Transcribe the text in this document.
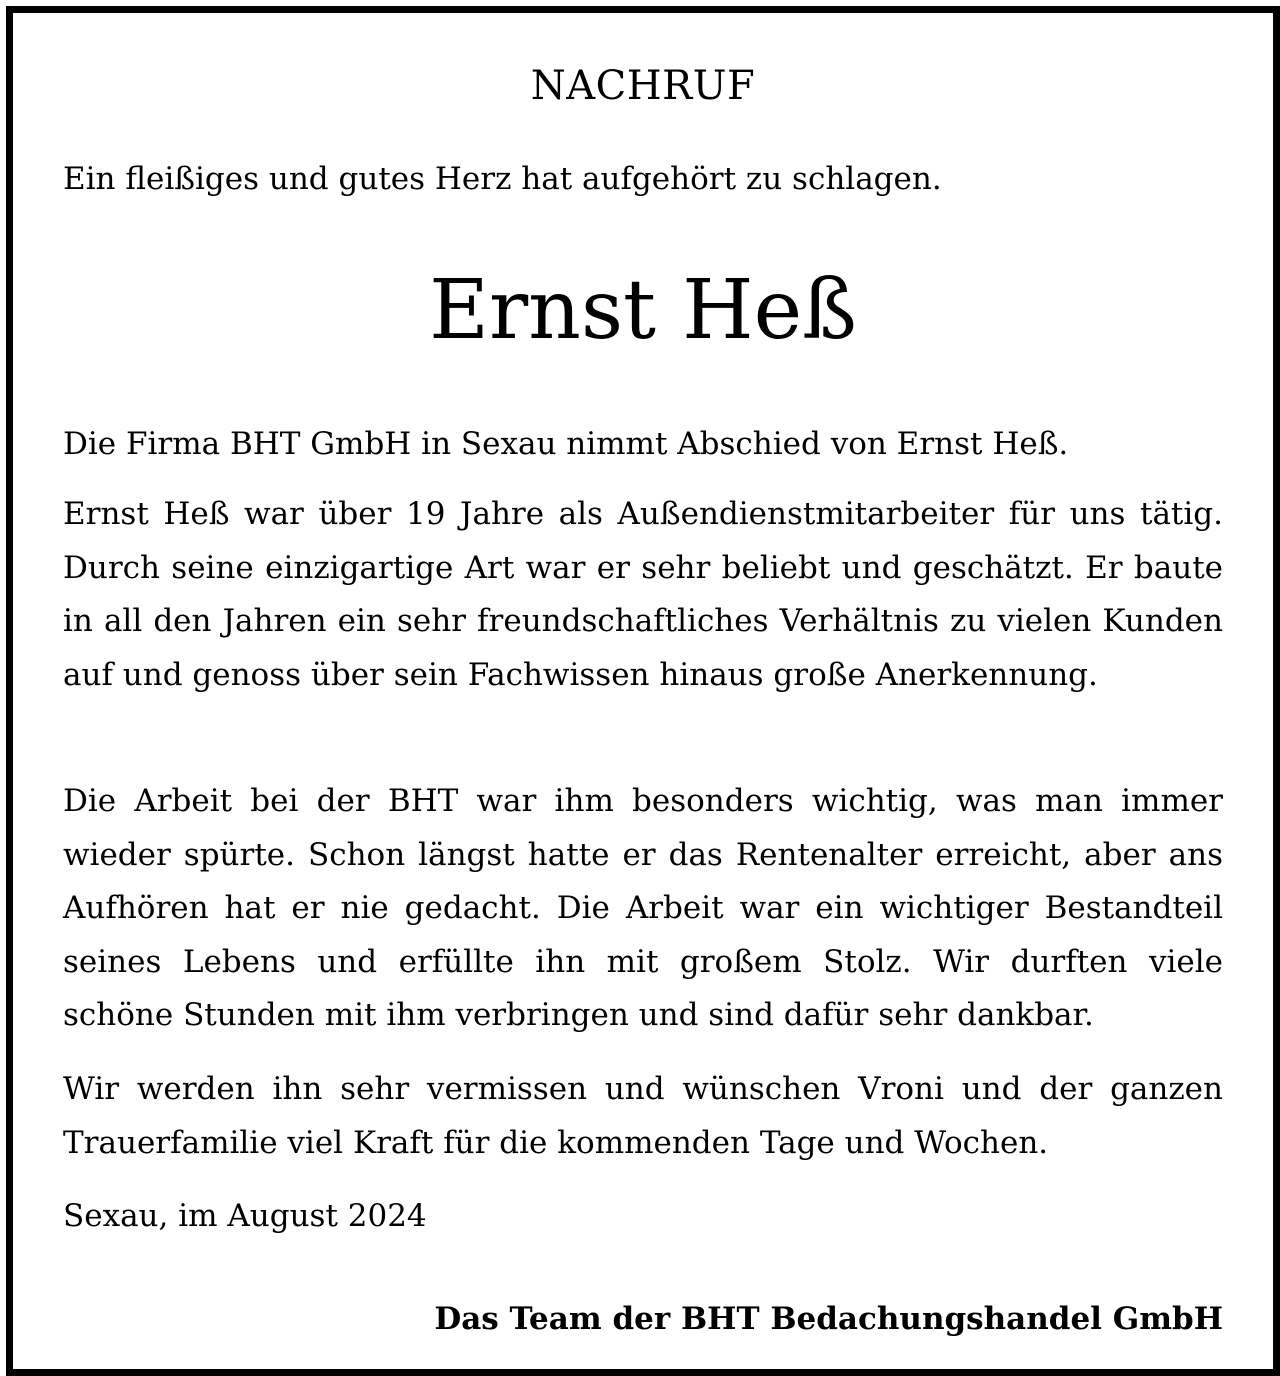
NACHRUF
Ein fleißiges und gutes Herz hat aufgehört zu schlagen.
Ernst Heß
Die Firma BHT GmbH in Sexau nimmt Abschied von Ernst Heß.
Ernst Heß war über 19 Jahre als Außendienstmitarbeiter für uns tätig. Durch seine einzigartige Art war er sehr beliebt und geschätzt. Er baute in all den Jahren ein sehr freundschaftliches Verhältnis zu vielen Kunden auf und genoss über sein Fachwissen hinaus große Anerkennung.
Die Arbeit bei der BHT war ihm besonders wichtig, was man immer wieder spürte. Schon längst hatte er das Rentenalter erreicht, aber ans Aufhören hat er nie gedacht. Die Arbeit war ein wichtiger Bestandteil seines Lebens und erfüllte ihn mit großem Stolz. Wir durften viele schöne Stunden mit ihm verbringen und sind dafür sehr dankbar.
Wir werden ihn sehr vermissen und wünschen Vroni und der ganzen Trauerfamilie viel Kraft für die kommenden Tage und Wochen.
Sexau, im August 2024
Das Team der BHT Bedachungshandel GmbH
